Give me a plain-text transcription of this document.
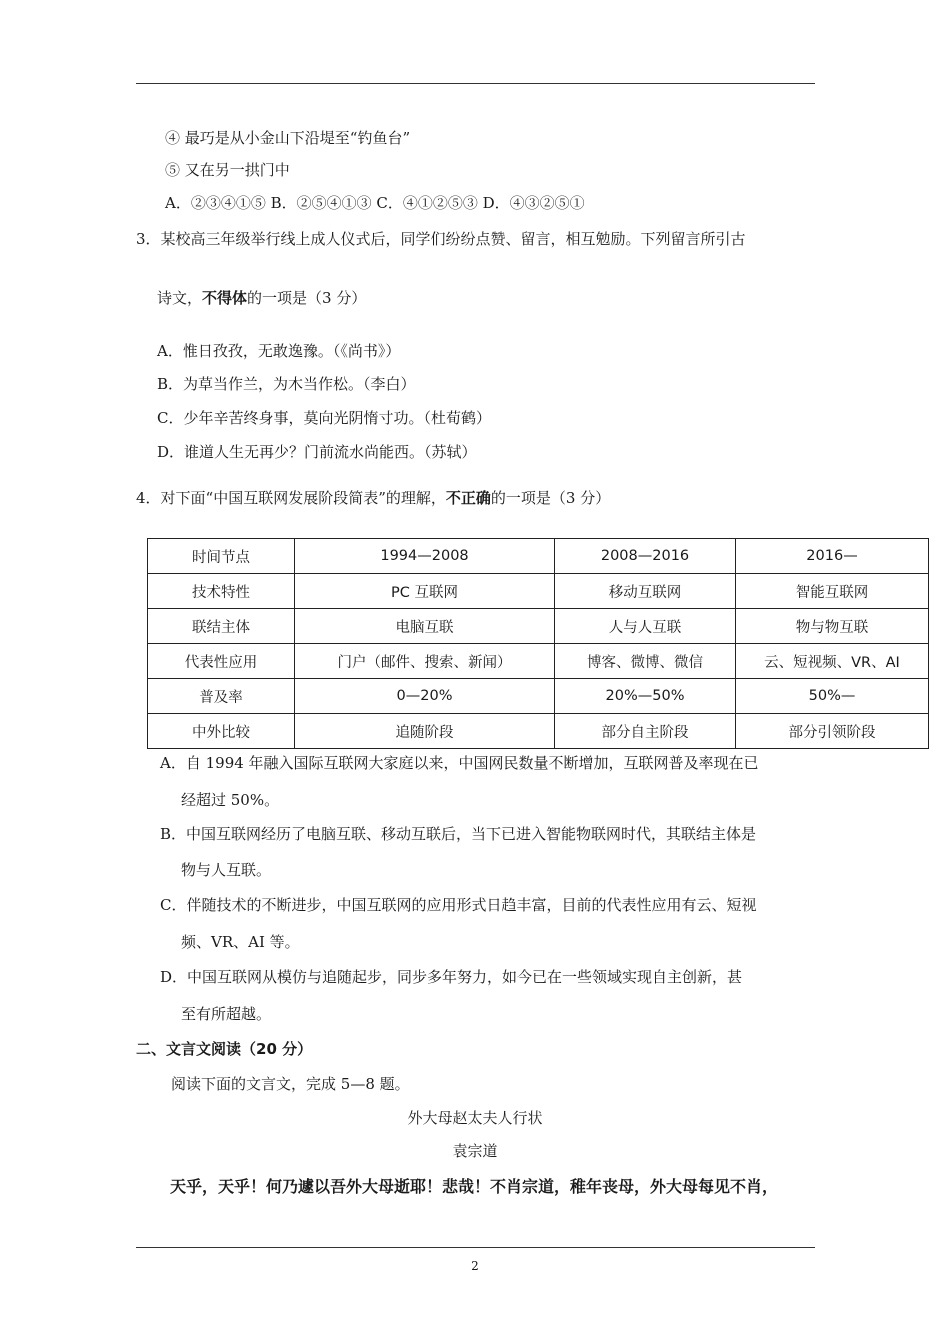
④ 最巧是从小金山下沿堤至“钓鱼台”
⑤ 又在另一拱门中
A．②③④①⑤ B．②⑤④①③ C．④①②⑤③ D．④③②⑤①
3．某校高三年级举行线上成人仪式后，同学们纷纷点赞、留言，相互勉励。下列留言所引古
诗文，不得体的一项是（3 分）
A．惟日孜孜，无敢逸豫。（《尚书》）
B．为草当作兰，为木当作松。（李白）
C．少年辛苦终身事，莫向光阴惰寸功。（杜荀鹤）
D．谁道人生无再少？门前流水尚能西。（苏轼）
4．对下面“中国互联网发展阶段简表”的理解，不正确的一项是（3 分）
时间节点	1994—2008	2008—2016	2016—
技术特性	PC 互联网	移动互联网	智能互联网
联结主体	电脑互联	人与人互联	物与物互联
代表性应用	门户（邮件、搜索、新闻）	博客、微博、微信	云、短视频、VR、AI
普及率	0—20%	20%—50%	50%—
中外比较	追随阶段	部分自主阶段	部分引领阶段
A．自 1994 年融入国际互联网大家庭以来，中国网民数量不断增加，互联网普及率现在已
经超过 50%。
B．中国互联网经历了电脑互联、移动互联后，当下已进入智能物联网时代，其联结主体是
物与人互联。
C．伴随技术的不断进步，中国互联网的应用形式日趋丰富，目前的代表性应用有云、短视
频、VR、AI 等。
D．中国互联网从模仿与追随起步，同步多年努力，如今已在一些领域实现自主创新，甚
至有所超越。
二、文言文阅读（20 分）
阅读下面的文言文，完成 5—8 题。
外大母赵太夫人行状
袁宗道
天乎，天乎！何乃遽以吾外大母逝耶！悲哉！不肖宗道，稚年丧母，外大母每见不肖，
2
